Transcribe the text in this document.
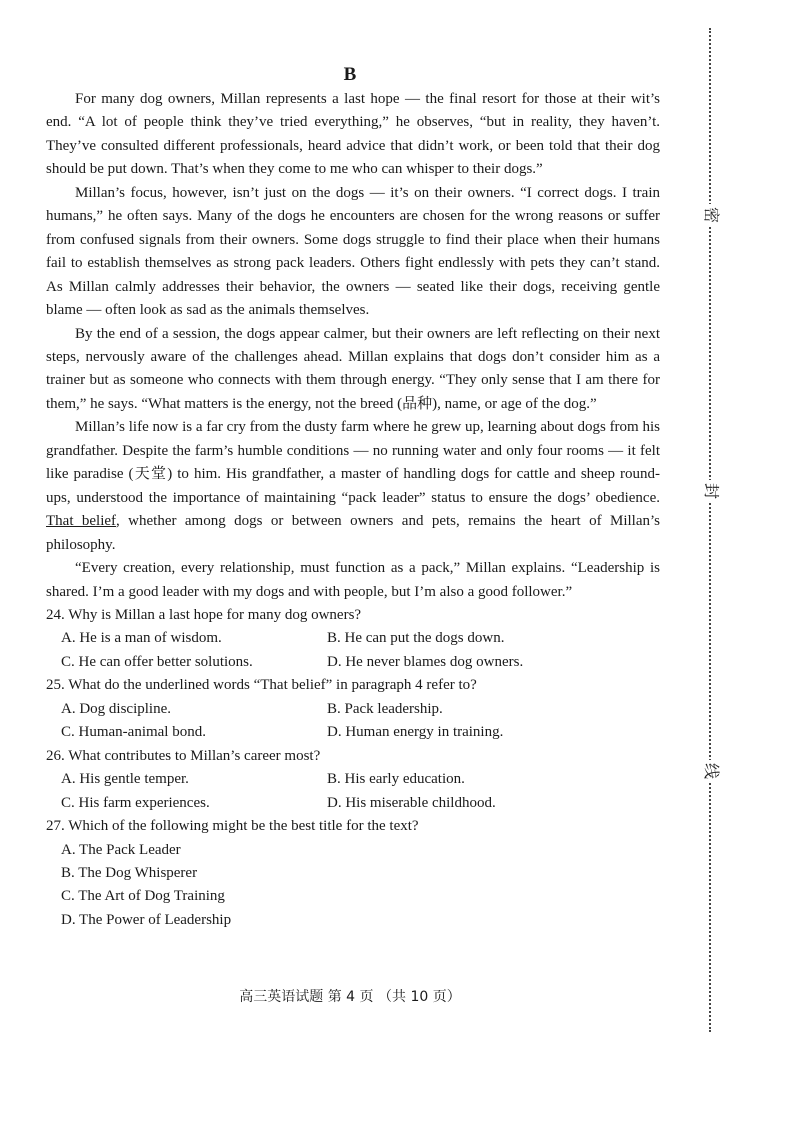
B

For many dog owners, Millan represents a last hope — the final resort for those at their wit’s end. “A lot of people think they’ve tried everything,” he observes, “but in reality, they haven’t. They’ve consulted different professionals, heard advice that didn’t work, or been told that their dog should be put down. That’s when they come to me who can whisper to their dogs.”

Millan’s focus, however, isn’t just on the dogs — it’s on their owners. “I correct dogs. I train humans,” he often says. Many of the dogs he encounters are chosen for the wrong reasons or suffer from confused signals from their owners. Some dogs struggle to find their place when their humans fail to establish themselves as strong pack leaders. Others fight endlessly with pets they can’t stand. As Millan calmly addresses their behavior, the owners — seated like their dogs, receiving gentle blame — often look as sad as the animals themselves.

By the end of a session, the dogs appear calmer, but their owners are left reflecting on their next steps, nervously aware of the challenges ahead. Millan explains that dogs don’t consider him as a trainer but as someone who connects with them through energy. “They only sense that I am there for them,” he says. “What matters is the energy, not the breed (品种), name, or age of the dog.”

Millan’s life now is a far cry from the dusty farm where he grew up, learning about dogs from his grandfather. Despite the farm’s humble conditions — no running water and only four rooms — it felt like paradise (天堂) to him. His grandfather, a master of handling dogs for cattle and sheep round-ups, understood the importance of maintaining “pack leader” status to ensure the dogs’ obedience. That belief, whether among dogs or between owners and pets, remains the heart of Millan’s philosophy.

“Every creation, every relationship, must function as a pack,” Millan explains. “Leadership is shared. I’m a good leader with my dogs and with people, but I’m also a good follower.”

24. Why is Millan a last hope for many dog owners?

A. He is a man of wisdom.	B. He can put the dogs down.
C. He can offer better solutions.	D. He never blames dog owners.

25. What do the underlined words “That belief” in paragraph 4 refer to?

A. Dog discipline.	B. Pack leadership.
C. Human-animal bond.	D. Human energy in training.

26. What contributes to Millan’s career most?

A. His gentle temper.	B. His early education.
C. His farm experiences.	D. His miserable childhood.

27. Which of the following might be the best title for the text?

A. The Pack Leader

B. The Dog Whisperer

C. The Art of Dog Training

D. The Power of Leadership

高三英语试题 第 4 页 （共 10 页）
密
封
线
